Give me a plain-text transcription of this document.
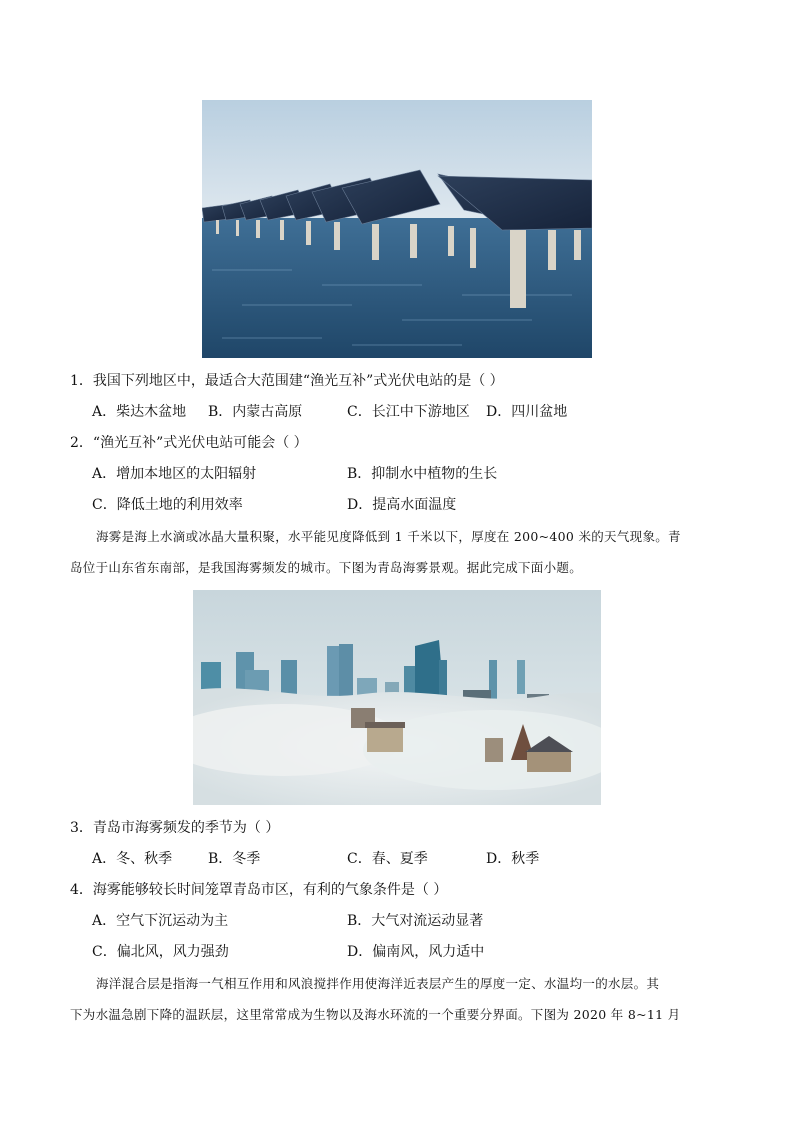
1．我国下列地区中，最适合大范围建“渔光互补”式光伏电站的是（ ）
A．柴达木盆地 B．内蒙古高原	C．长江中下游地区 D．四川盆地
2．“渔光互补”式光伏电站可能会（ ）
A．增加本地区的太阳辐射	B．抑制水中植物的生长
C．降低土地的利用效率	D．提高水面温度
海雾是海上水滴或冰晶大量积聚，水平能见度降低到 1 千米以下，厚度在 200~400 米的天气现象。青
岛位于山东省东南部，是我国海雾频发的城市。下图为青岛海雾景观。据此完成下面小题。
3．青岛市海雾频发的季节为（ ）
A．冬、秋季	B．冬季	C．春、夏季	D．秋季
4．海雾能够较长时间笼罩青岛市区，有利的气象条件是（ ）
A．空气下沉运动为主	B．大气对流运动显著
C．偏北风，风力强劲	D．偏南风，风力适中
海洋混合层是指海一气相互作用和风浪搅拌作用使海洋近表层产生的厚度一定、水温均一的水层。其
下为水温急剧下降的温跃层，这里常常成为生物以及海水环流的一个重要分界面。下图为 2020 年 8~11 月
